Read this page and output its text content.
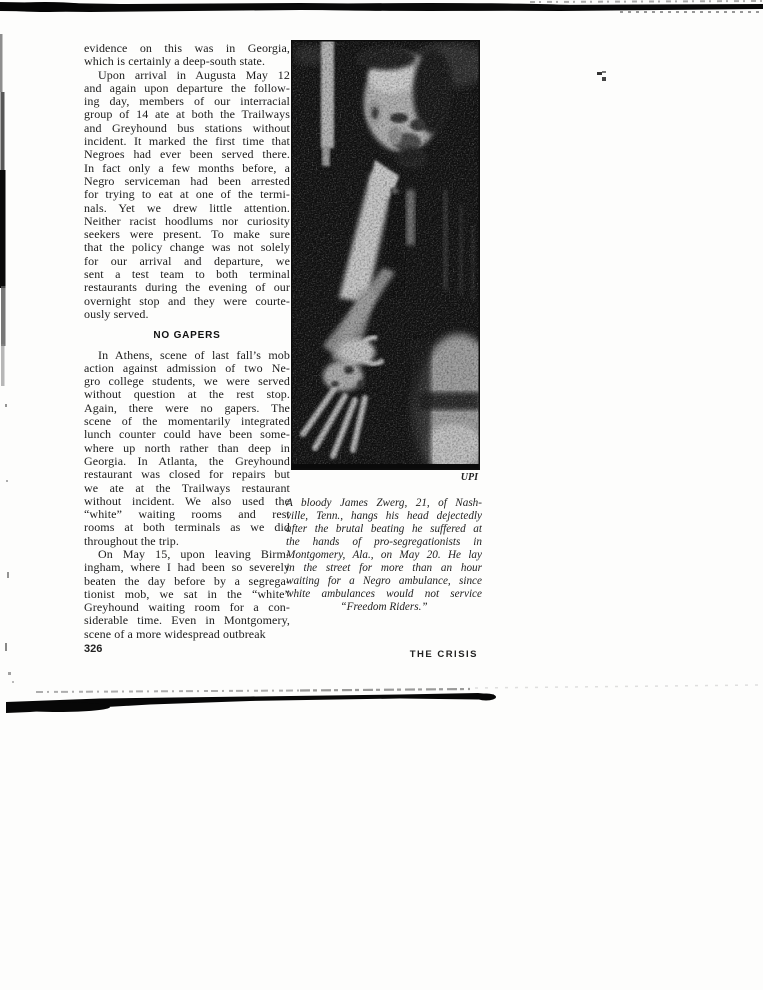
evidence on this was in Georgia,
which is certainly a deep-south state.
Upon arrival in Augusta May 12
and again upon departure the follow-
ing day, members of our interracial
group of 14 ate at both the Trailways
and Greyhound bus stations without
incident. It marked the first time that
Negroes had ever been served there.
In fact only a few months before, a
Negro serviceman had been arrested
for trying to eat at one of the termi-
nals. Yet we drew little attention.
Neither racist hoodlums nor curiosity
seekers were present. To make sure
that the policy change was not solely
for our arrival and departure, we
sent a test team to both terminal
restaurants during the evening of our
overnight stop and they were courte-
ously served.
NO GAPERS
In Athens, scene of last fall’s mob
action against admission of two Ne-
gro college students, we were served
without question at the rest stop.
Again, there were no gapers. The
scene of the momentarily integrated
lunch counter could have been some-
where up north rather than deep in
Georgia. In Atlanta, the Greyhound
restaurant was closed for repairs but
we ate at the Trailways restaurant
without incident. We also used the
“white” waiting rooms and rest
rooms at both terminals as we did
throughout the trip.
On May 15, upon leaving Birm-
ingham, where I had been so severely
beaten the day before by a segrega-
tionist mob, we sat in the “white”
Greyhound waiting room for a con-
siderable time. Even in Montgomery,
scene of a more widespread outbreak
UPI
A bloody James Zwerg, 21, of Nash-
ville, Tenn., hangs his head dejectedly
after the brutal beating he suffered at
the hands of pro-segregationists in
Montgomery, Ala., on May 20. He lay
in the street for more than an hour
waiting for a Negro ambulance, since
white ambulances would not service
“Freedom Riders.”
326	THE CRISIS
